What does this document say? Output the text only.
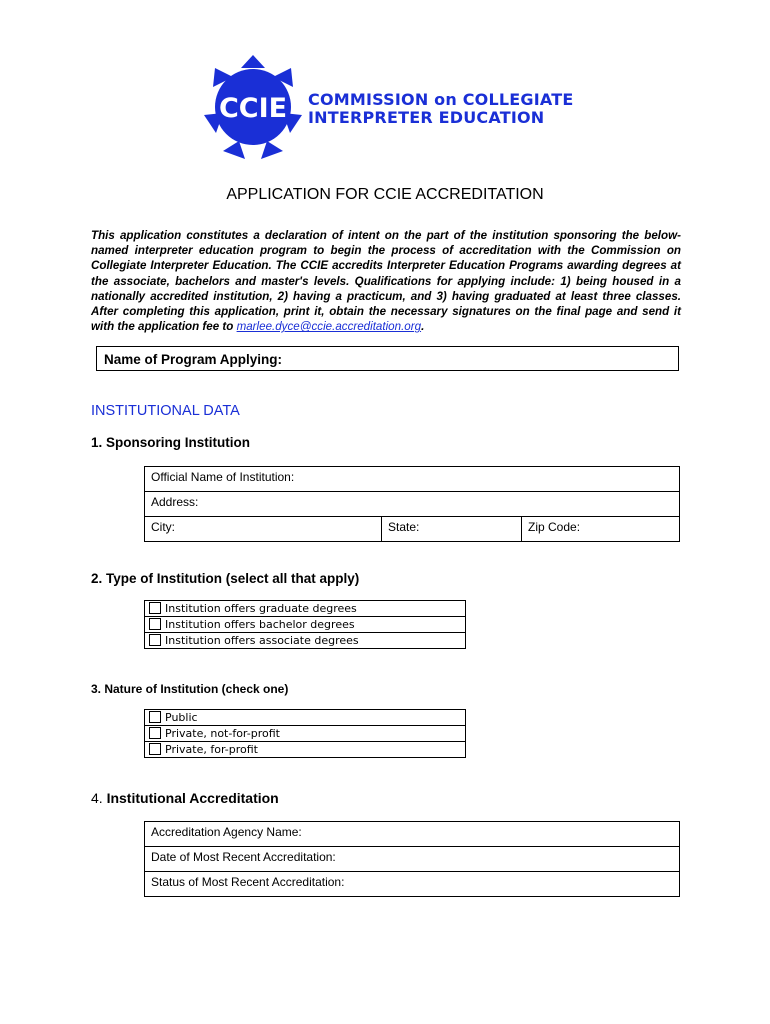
CCIE COMMISSION on COLLEGIATE
INTERPRETER EDUCATION
APPLICATION FOR CCIE ACCREDITATION
This application constitutes a declaration of intent on the part of the institution sponsoring the below-named interpreter education program to begin the process of accreditation with the Commission on Collegiate Interpreter Education. The CCIE accredits Interpreter Education Programs awarding degrees at the associate, bachelors and master's levels. Qualifications for applying include: 1) being housed in a nationally accredited institution, 2) having a practicum, and 3) having graduated at least three classes. After completing this application, print it, obtain the necessary signatures on the final page and send it with the application fee to marlee.dyce@ccie.accreditation.org.
Name of Program Applying:
INSTITUTIONAL DATA
1. Sponsoring Institution
Official Name of Institution:
Address:
City:	State:	Zip Code:
2. Type of Institution (select all that apply)
Institution offers graduate degrees
Institution offers bachelor degrees
Institution offers associate degrees
3. Nature of Institution (check one)
Public
Private, not-for-profit
Private, for-profit
4. Institutional Accreditation
Accreditation Agency Name:
Date of Most Recent Accreditation:
Status of Most Recent Accreditation:
